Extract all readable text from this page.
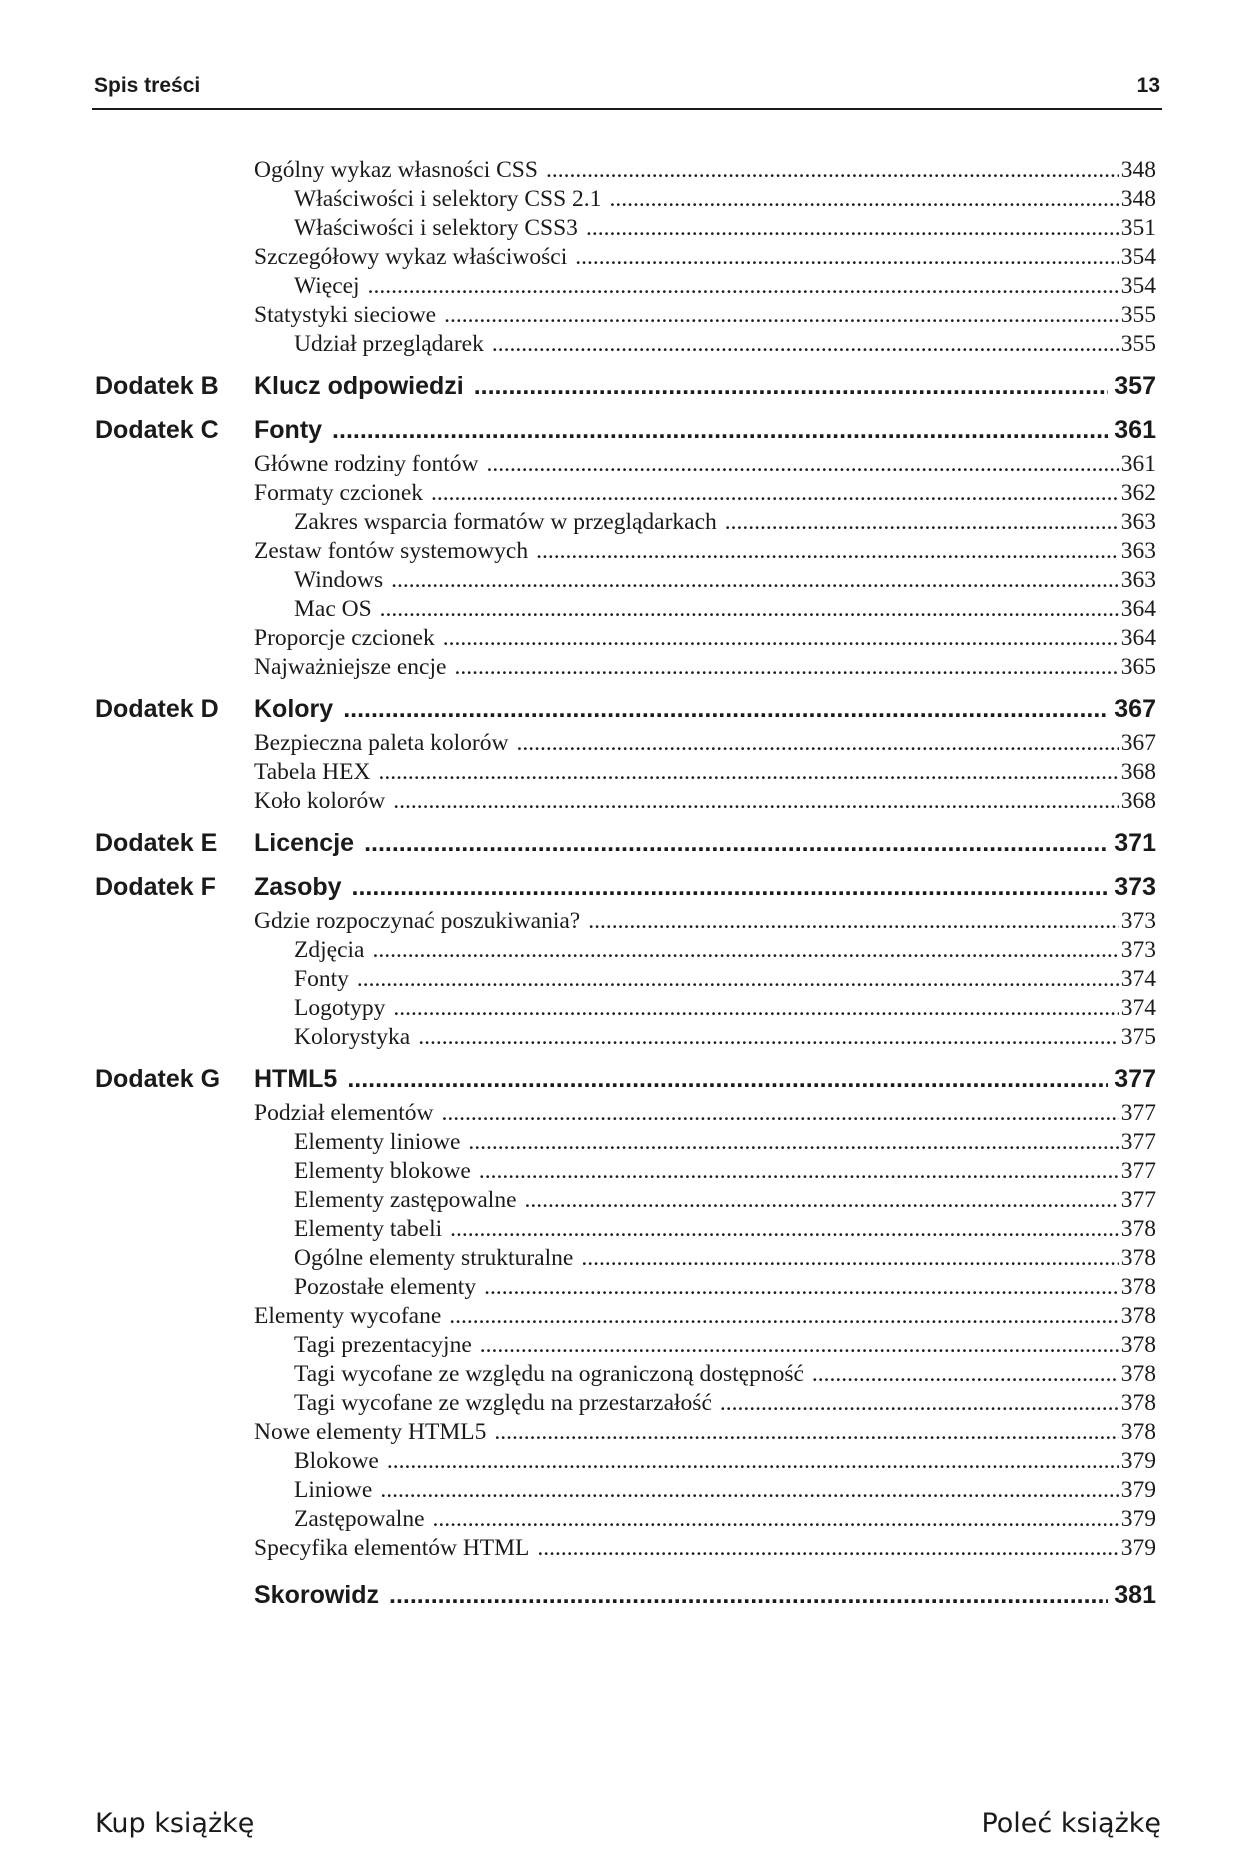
Spis treści	13
Ogólny wykaz własności CSS .....	348
Właściwości i selektory CSS 2.1 .....	348
Właściwości i selektory CSS3 .....	351
Szczegółowy wykaz właściwości .....	354
Więcej .....	354
Statystyki sieciowe .....	355
Udział przeglądarek .....	355
Dodatek B Klucz odpowiedzi .....	357
Dodatek C Fonty .....	361
Główne rodziny fontów .....	361
Formaty czcionek .....	362
Zakres wsparcia formatów w przeglądarkach .....	363
Zestaw fontów systemowych .....	363
Windows .....	363
Mac OS .....	364
Proporcje czcionek .....	364
Najważniejsze encje .....	365
Dodatek D Kolory .....	367
Bezpieczna paleta kolorów .....	367
Tabela HEX .....	368
Koło kolorów .....	368
Dodatek E Licencje .....	371
Dodatek F Zasoby .....	373
Gdzie rozpoczynać poszukiwania? .....	373
Zdjęcia .....	373
Fonty .....	374
Logotypy .....	374
Kolorystyka .....	375
Dodatek G HTML5 .....	377
Podział elementów .....	377
Elementy liniowe .....	377
Elementy blokowe .....	377
Elementy zastępowalne .....	377
Elementy tabeli .....	378
Ogólne elementy strukturalne .....	378
Pozostałe elementy .....	378
Elementy wycofane .....	378
Tagi prezentacyjne .....	378
Tagi wycofane ze względu na ograniczoną dostępność .....	378
Tagi wycofane ze względu na przestarzałość .....	378
Nowe elementy HTML5 .....	378
Blokowe .....	379
Liniowe .....	379
Zastępowalne .....	379
Specyfika elementów HTML .....	379
Skorowidz .....	381
Kup książkę	Poleć książkę
